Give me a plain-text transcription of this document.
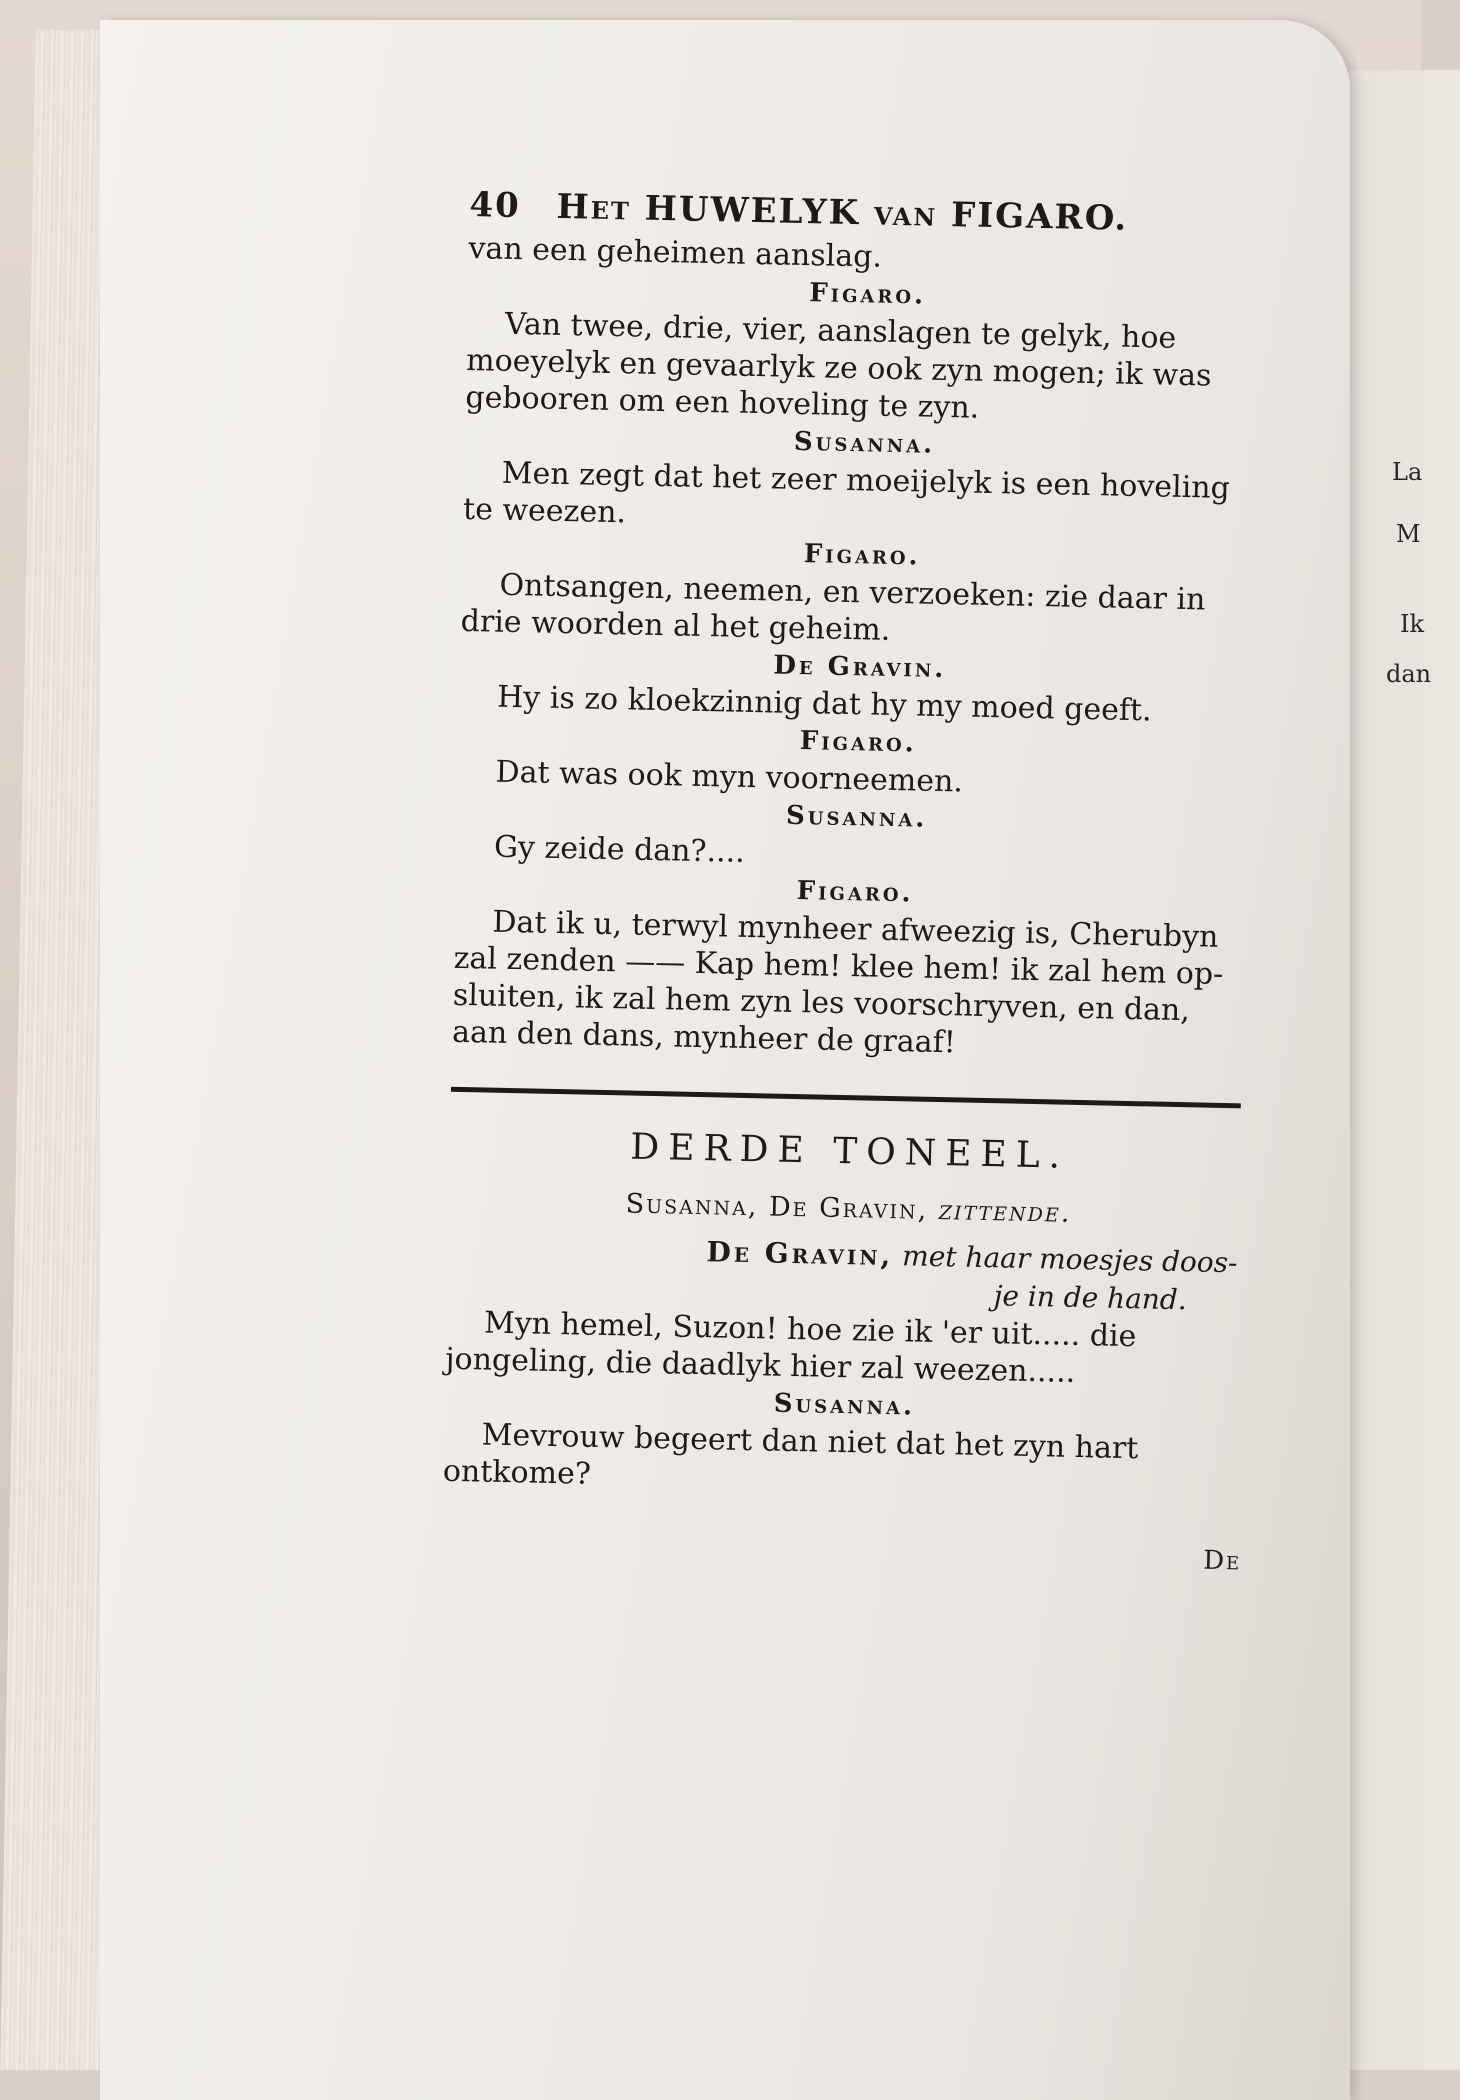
La
M
Ik
dan
40 Het HUWELYK van FIGARO.
van een geheimen aanslag.
Figaro.
Van twee, drie, vier, aanslagen te gelyk, hoe
moeyelyk en gevaarlyk ze ook zyn mogen; ik was
gebooren om een hoveling te zyn.
Susanna.
Men zegt dat het zeer moeijelyk is een hoveling
te weezen.
Figaro.
Ontsangen, neemen, en verzoeken: zie daar in
drie woorden al het geheim.
De Gravin.
Hy is zo kloekzinnig dat hy my moed geeft.
Figaro.
Dat was ook myn voorneemen.
Susanna.
Gy zeide dan?....
Figaro.
Dat ik u, terwyl mynheer afweezig is, Cherubyn
zal zenden —— Kap hem! klee hem! ik zal hem op-
sluiten, ik zal hem zyn les voorschryven, en dan,
aan den dans, mynheer de graaf!
DERDE TONEEL.
Susanna, De Gravin, zittende.
De Gravin, met haar moesjes doos-
je in de hand.
Myn hemel, Suzon! hoe zie ik 'er uit..... die
jongeling, die daadlyk hier zal weezen.....
Susanna.
Mevrouw begeert dan niet dat het zyn hart
ontkome?
De
